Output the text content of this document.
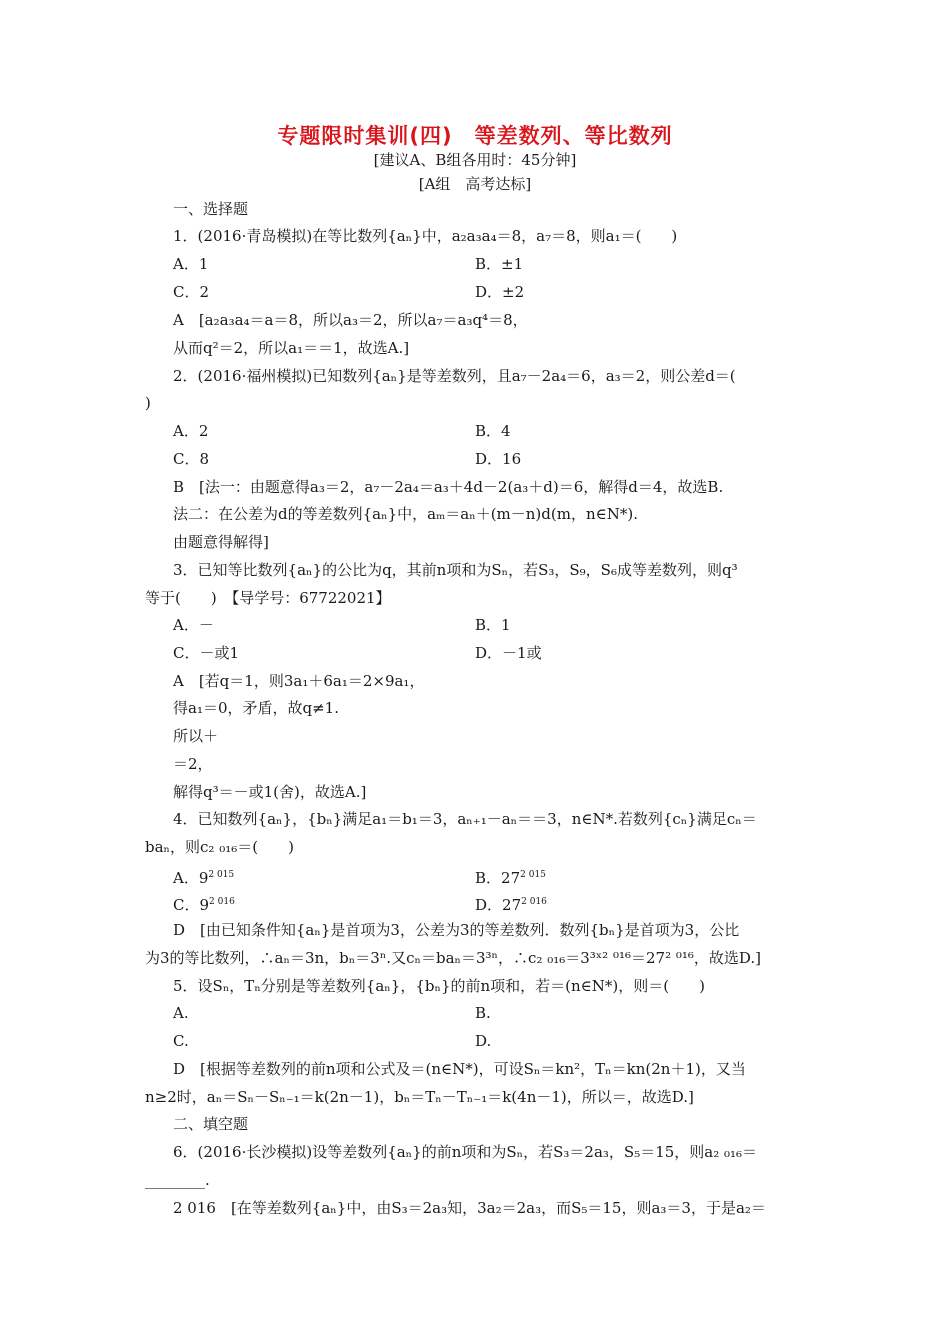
专题限时集训(四)　等差数列、等比数列
[建议A、B组各用时：45分钟]
[A组　高考达标]
一、选择题
1．(2016·青岛模拟)在等比数列{aₙ}中，a₂a₃a₄＝8，a₇＝8，则a₁＝(　　)
A．1	B．±1
C．2	D．±2
A　[a₂a₃a₄＝a＝8，所以a₃＝2，所以a₇＝a₃q⁴＝8，
从而q²＝2，所以a₁＝＝1，故选A.]
2．(2016·福州模拟)已知数列{aₙ}是等差数列，且a₇－2a₄＝6，a₃＝2，则公差d＝(
)
A．2	B．4
C．8	D．16
B　[法一：由题意得a₃＝2，a₇－2a₄＝a₃＋4d－2(a₃＋d)＝6，解得d＝4，故选B.
法二：在公差为d的等差数列{aₙ}中，aₘ＝aₙ＋(m－n)d(m，n∈N*).
由题意得解得]
3．已知等比数列{aₙ}的公比为q，其前n项和为Sₙ，若S₃，S₉，S₆成等差数列，则q³
等于(　　)　【导学号：67722021】
A．－	B．1
C．－或1	D．－1或
A　[若q＝1，则3a₁＋6a₁＝2×9a₁，
得a₁＝0，矛盾，故q≠1.
所以＋
＝2，
解得q³＝－或1(舍)，故选A.]
4．已知数列{aₙ}，{bₙ}满足a₁＝b₁＝3，aₙ₊₁－aₙ＝＝3，n∈N*.若数列{cₙ}满足cₙ＝
baₙ，则c₂ ₀₁₆＝(　　)
A．$9^{2 015}$	B．$27^{2 015}$
C．$9^{2 016}$	D．$27^{2 016}$
D　[由已知条件知{aₙ}是首项为3，公差为3的等差数列．数列{bₙ}是首项为3，公比
为3的等比数列，∴aₙ＝3n，bₙ＝3ⁿ.又cₙ＝baₙ＝3³ⁿ，∴c₂ ₀₁₆＝3³ˣ² ⁰¹⁶＝27² ⁰¹⁶，故选D.]
5．设Sₙ，Tₙ分别是等差数列{aₙ}，{bₙ}的前n项和，若＝(n∈N*)，则＝(　　)
A.	B.
C.	D.
D　[根据等差数列的前n项和公式及＝(n∈N*)，可设Sₙ＝kn²，Tₙ＝kn(2n＋1)，又当
n≥2时，aₙ＝Sₙ－Sₙ₋₁＝k(2n－1)，bₙ＝Tₙ－Tₙ₋₁＝k(4n－1)，所以＝，故选D.]
二、填空题
6．(2016·长沙模拟)设等差数列{aₙ}的前n项和为Sₙ，若S₃＝2a₃，S₅＝15，则a₂ ₀₁₆＝
________.
2 016　[在等差数列{aₙ}中，由S₃＝2a₃知，3a₂＝2a₃，而S₅＝15，则a₃＝3，于是a₂＝
